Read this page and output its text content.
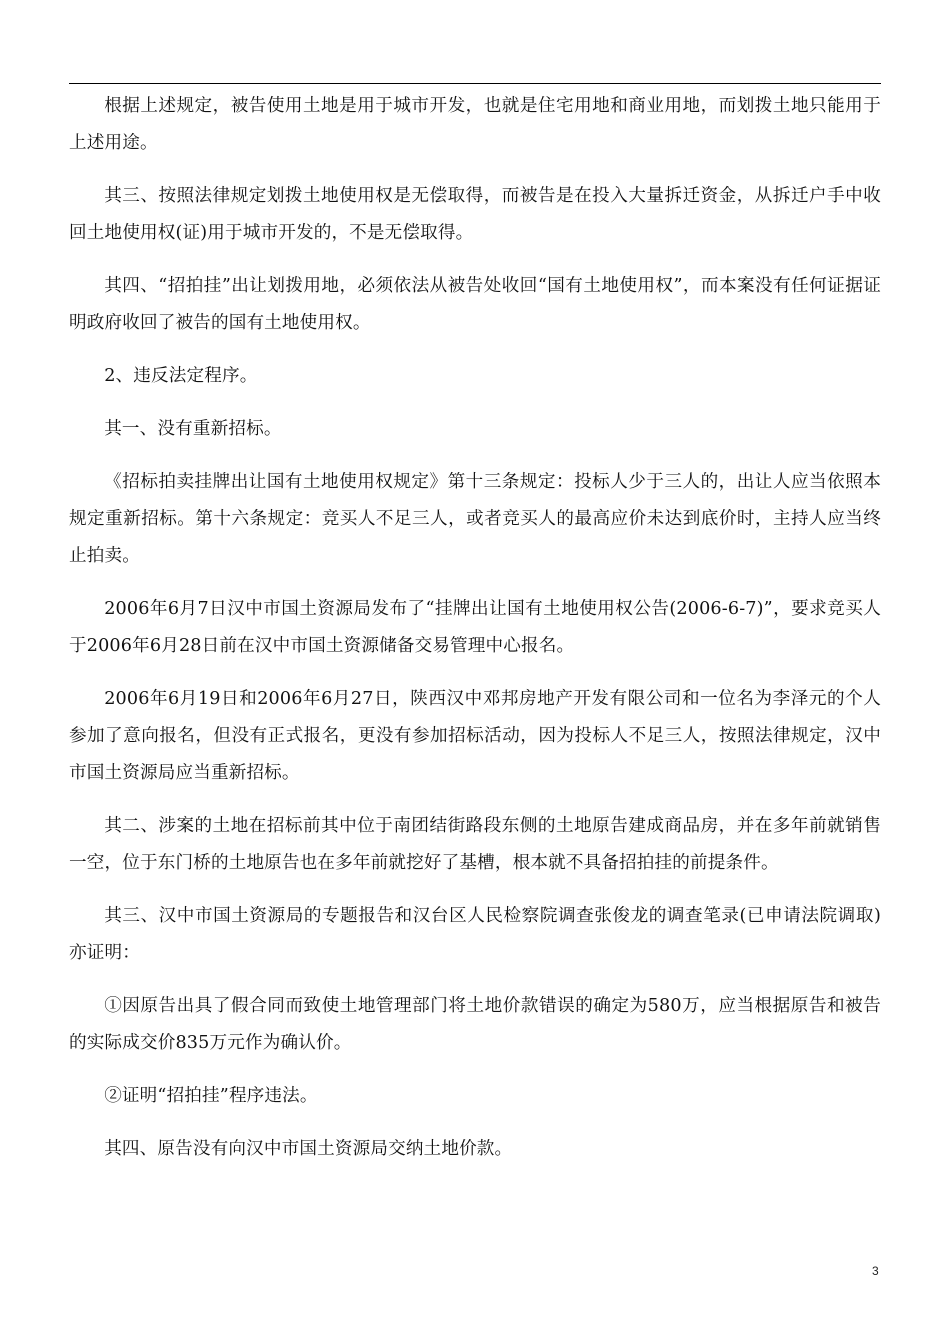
根据上述规定，被告使用土地是用于城市开发，也就是住宅用地和商业用地，而划拨土地只能用于上述用途。

其三、按照法律规定划拨土地使用权是无偿取得，而被告是在投入大量拆迁资金，从拆迁户手中收回土地使用权(证)用于城市开发的，不是无偿取得。

其四、“招拍挂”出让划拨用地，必须依法从被告处收回“国有土地使用权”，而本案没有任何证据证明政府收回了被告的国有土地使用权。

2、违反法定程序。

其一、没有重新招标。

《招标拍卖挂牌出让国有土地使用权规定》第十三条规定：投标人少于三人的，出让人应当依照本规定重新招标。第十六条规定：竞买人不足三人，或者竞买人的最高应价未达到底价时，主持人应当终止拍卖。

2006年6月7日汉中市国土资源局发布了“挂牌出让国有土地使用权公告(2006-6-7)”，要求竞买人于2006年6月28日前在汉中市国土资源储备交易管理中心报名。

2006年6月19日和2006年6月27日，陕西汉中邓邦房地产开发有限公司和一位名为李泽元的个人参加了意向报名，但没有正式报名，更没有参加招标活动，因为投标人不足三人，按照法律规定，汉中市国土资源局应当重新招标。

其二、涉案的土地在招标前其中位于南团结街路段东侧的土地原告建成商品房，并在多年前就销售一空，位于东门桥的土地原告也在多年前就挖好了基槽，根本就不具备招拍挂的前提条件。

其三、汉中市国土资源局的专题报告和汉台区人民检察院调查张俊龙的调查笔录(已申请法院调取)亦证明：

①因原告出具了假合同而致使土地管理部门将土地价款错误的确定为580万，应当根据原告和被告的实际成交价835万元作为确认价。

②证明“招拍挂”程序违法。

其四、原告没有向汉中市国土资源局交纳土地价款。

3
